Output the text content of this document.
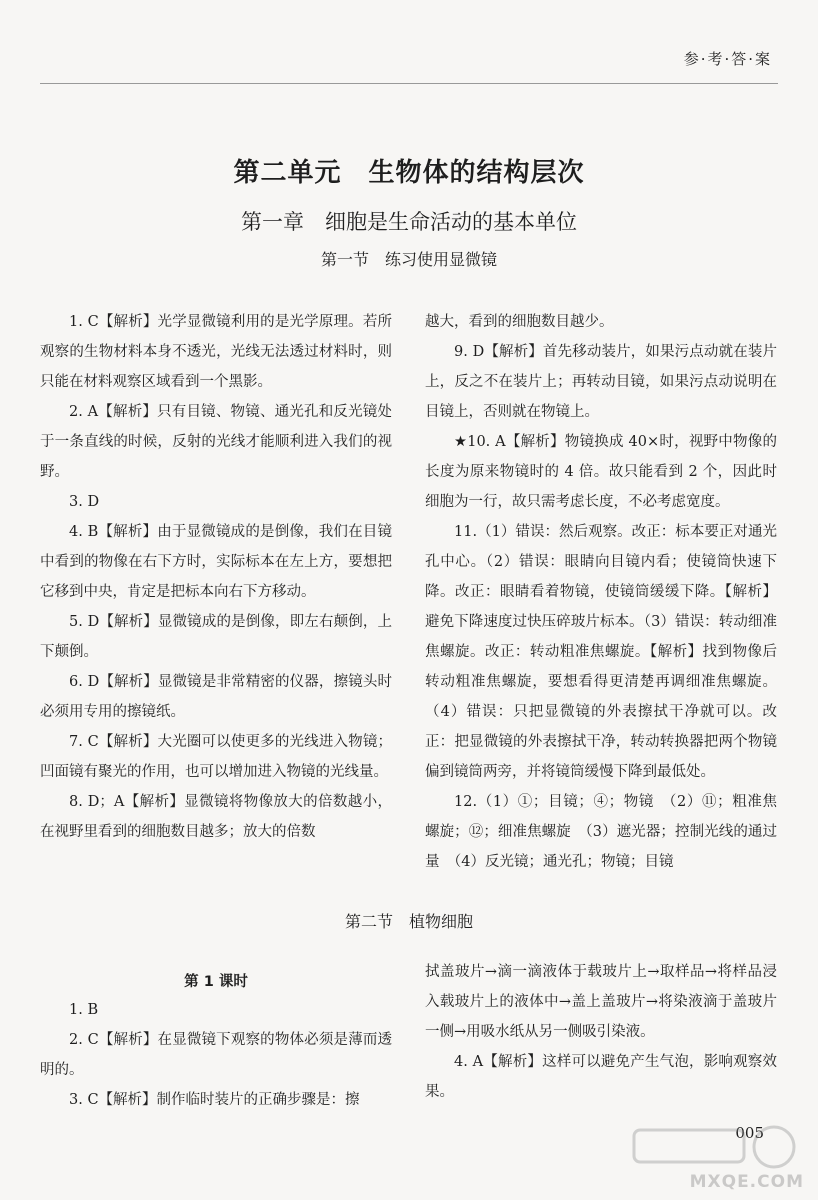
参·考·答·案
第二单元　生物体的结构层次
第一章　细胞是生命活动的基本单位
第一节　练习使用显微镜

1. C【解析】光学显微镜利用的是光学原理。若所观察的生物材料本身不透光，光线无法透过材料时，则只能在材料观察区域看到一个黑影。

2. A【解析】只有目镜、物镜、通光孔和反光镜处于一条直线的时候，反射的光线才能顺利进入我们的视野。

3. D

4. B【解析】由于显微镜成的是倒像，我们在目镜中看到的物像在右下方时，实际标本在左上方，要想把它移到中央，肯定是把标本向右下方移动。

5. D【解析】显微镜成的是倒像，即左右颠倒，上下颠倒。

6. D【解析】显微镜是非常精密的仪器，擦镜头时必须用专用的擦镜纸。

7. C【解析】大光圈可以使更多的光线进入物镜；凹面镜有聚光的作用，也可以增加进入物镜的光线量。

8. D；A【解析】显微镜将物像放大的倍数越小，在视野里看到的细胞数目越多；放大的倍数

越大，看到的细胞数目越少。

9. D【解析】首先移动装片，如果污点动就在装片上，反之不在装片上；再转动目镜，如果污点动说明在目镜上，否则就在物镜上。

★10. A【解析】物镜换成 40×时，视野中物像的长度为原来物镜时的 4 倍。故只能看到 2 个，因此时细胞为一行，故只需考虑长度，不必考虑宽度。

11.（1）错误：然后观察。改正：标本要正对通光孔中心。（2）错误：眼睛向目镜内看；使镜筒快速下降。改正：眼睛看着物镜，使镜筒缓缓下降。【解析】避免下降速度过快压碎玻片标本。（3）错误：转动细准焦螺旋。改正：转动粗准焦螺旋。【解析】找到物像后转动粗准焦螺旋，要想看得更清楚再调细准焦螺旋。（4）错误：只把显微镜的外表擦拭干净就可以。改正：把显微镜的外表擦拭干净，转动转换器把两个物镜偏到镜筒两旁，并将镜筒缓慢下降到最低处。

12.（1）①；目镜；④；物镜　（2）⑪；粗准焦螺旋；⑫；细准焦螺旋　（3）遮光器；控制光线的通过量　（4）反光镜；通光孔；物镜；目镜

第二节　植物细胞
第 1 课时

1. B

2. C【解析】在显微镜下观察的物体必须是薄而透明的。

3. C【解析】制作临时装片的正确步骤是：擦

拭盖玻片→滴一滴液体于载玻片上→取样品→将样品浸入载玻片上的液体中→盖上盖玻片→将染液滴于盖玻片一侧→用吸水纸从另一侧吸引染液。

4. A【解析】这样可以避免产生气泡，影响观察效果。

005
MXQE.COM
